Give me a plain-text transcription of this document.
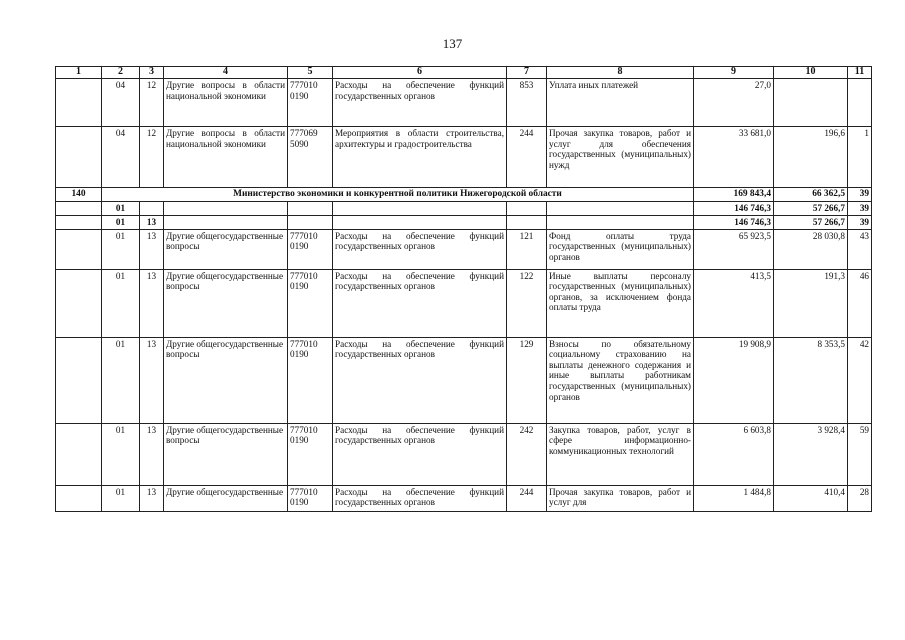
137
1	2	3	4	5	6	7	8	9	10	11
	04	12	Другие вопросы в области национальной экономики	777010 0190	Расходы на обеспечение функций государственных органов	853	Уплата иных платежей	27,0		
	04	12	Другие вопросы в области национальной экономики	777069 5090	Мероприятия в области строительства, архитектуры и градостроительства	244	Прочая закупка товаров, работ и услуг для обеспечения государственных (муниципальных) нужд	33 681,0	196,6	1
140	Министерство экономики и конкурентной политики Нижегородской области							169 843,4	66 362,5	39
	01							146 746,3	57 266,7	39
	01	13						146 746,3	57 266,7	39
	01	13	Другие общегосударственные вопросы	777010 0190	Расходы на обеспечение функций государственных органов	121	Фонд оплаты труда государственных (муниципальных) органов	65 923,5	28 030,8	43
	01	13	Другие общегосударственные вопросы	777010 0190	Расходы на обеспечение функций государственных органов	122	Иные выплаты персоналу государственных (муниципальных) органов, за исключением фонда оплаты труда	413,5	191,3	46
	01	13	Другие общегосударственные вопросы	777010 0190	Расходы на обеспечение функций государственных органов	129	Взносы по обязательному социальному страхованию на выплаты денежного содержания и иные выплаты работникам государственных (муниципальных) органов	19 908,9	8 353,5	42
	01	13	Другие общегосударственные вопросы	777010 0190	Расходы на обеспечение функций государственных органов	242	Закупка товаров, работ, услуг в сфере информационно-коммуникационных технологий	6 603,8	3 928,4	59
	01	13	Другие общегосударственные	777010 0190	Расходы на обеспечение функций государственных органов	244	Прочая закупка товаров, работ и услуг для	1 484,8	410,4	28
